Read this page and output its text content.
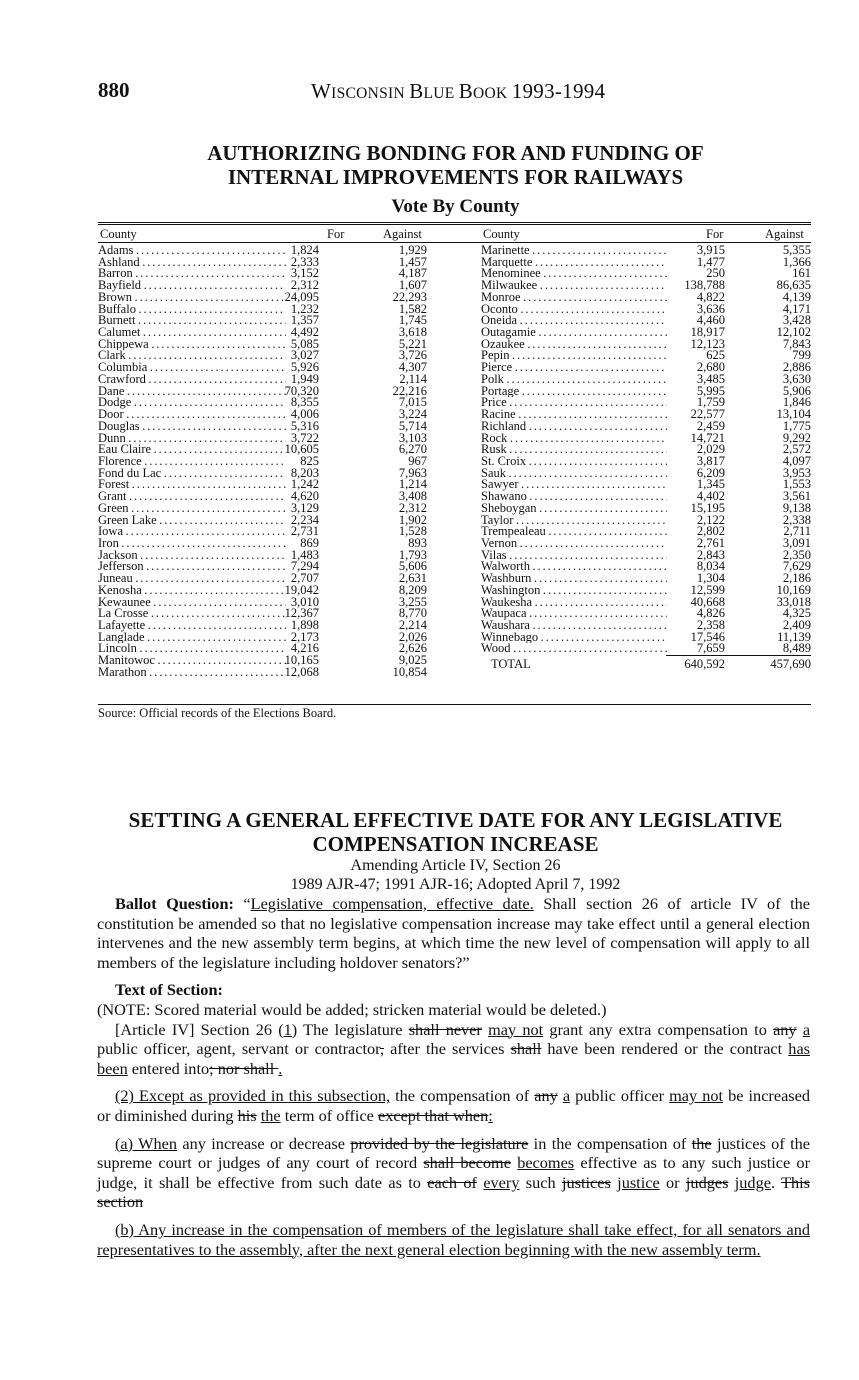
880	WISCONSIN BLUE BOOK 1993-1994
AUTHORIZING BONDING FOR AND FUNDING OF
INTERNAL IMPROVEMENTS FOR RAILWAYS
Vote By County
County	For	Against	County	For	Against
Adams . . .	1,824	1,929
Ashland . . .	2,333	1,457
Barron . . .	3,152	4,187
Bayfield . . .	2,312	1,607
Brown . . .	24,095	22,293
Buffalo . . .	1,232	1,582
Burnett . . .	1,357	1,745
Calumet . . .	4,492	3,618
Chippewa . . .	5,085	5,221
Clark . . .	3,027	3,726
Columbia . . .	5,926	4,307
Crawford . . .	1,949	2,114
Dane . . .	70,320	22,216
Dodge . . .	8,355	7,015
Door . . .	4,006	3,224
Douglas . . .	5,316	5,714
Dunn . . .	3,722	3,103
Eau Claire . . .	10,605	6,270
Florence . . .	825	967
Fond du Lac . . .	8,203	7,963
Forest . . .	1,242	1,214
Grant . . .	4,620	3,408
Green . . .	3,129	2,312
Green Lake . . .	2,234	1,902
Iowa . . .	2,731	1,528
Iron . . .	869	893
Jackson . . .	1,483	1,793
Jefferson . . .	7,294	5,606
Juneau . . .	2,707	2,631
Kenosha . . .	19,042	8,209
Kewaunee . . .	3,010	3,255
La Crosse . . .	12,367	8,770
Lafayette . . .	1,898	2,214
Langlade . . .	2,173	2,026
Lincoln . . .	4,216	2,626
Manitowoc . . .	10,165	9,025
Marathon . . .	12,068	10,854
Marinette . . .	3,915	5,355
Marquette . . .	1,477	1,366
Menominee . . .	250	161
Milwaukee . . .	138,788	86,635
Monroe . . .	4,822	4,139
Oconto . . .	3,636	4,171
Oneida . . .	4,460	3,428
Outagamie . . .	18,917	12,102
Ozaukee . . .	12,123	7,843
Pepin . . .	625	799
Pierce . . .	2,680	2,886
Polk . . .	3,485	3,630
Portage . . .	5,995	5,906
Price . . .	1,759	1,846
Racine . . .	22,577	13,104
Richland . . .	2,459	1,775
Rock . . .	14,721	9,292
Rusk . . .	2,029	2,572
St. Croix . . .	3,817	4,097
Sauk . . .	6,209	3,953
Sawyer . . .	1,345	1,553
Shawano . . .	4,402	3,561
Sheboygan . . .	15,195	9,138
Taylor . . .	2,122	2,338
Trempealeau . . .	2,802	2,711
Vernon . . .	2,761	3,091
Vilas . . .	2,843	2,350
Walworth . . .	8,034	7,629
Washburn . . .	1,304	2,186
Washington . . .	12,599	10,169
Waukesha . . .	40,668	33,018
Waupaca . . .	4,826	4,325
Waushara . . .	2,358	2,409
Winnebago . . .	17,546	11,139
Wood . . .	7,659	8,489
TOTAL	640,592	457,690
Source: Official records of the Elections Board.
SETTING A GENERAL EFFECTIVE DATE FOR ANY LEGISLATIVE
COMPENSATION INCREASE
Amending Article IV, Section 26
1989 AJR-47; 1991 AJR-16; Adopted April 7, 1992

Ballot Question: “Legislative compensation, effective date. Shall section 26 of article IV of the constitution be amended so that no legislative compensation increase may take effect until a general election intervenes and the new assembly term begins, at which time the new level of compensation will apply to all members of the legislature including holdover senators?”

Text of Section:

(NOTE: Scored material would be added; stricken material would be deleted.)

[Article IV] Section 26 (1) The legislature shall never may not grant any extra compensation to any a public officer, agent, servant or contractor, after the services shall have been rendered or the contract has been entered into; nor shall .

(2) Except as provided in this subsection, the compensation of any a public officer may not be increased or diminished during his the term of office except that when:

(a) When any increase or decrease provided by the legislature in the compensation of the justices of the supreme court or judges of any court of record shall become becomes effective as to any such justice or judge, it shall be effective from such date as to each of every such justices justice or judges judge. This section

(b) Any increase in the compensation of members of the legislature shall take effect, for all senators and representatives to the assembly, after the next general election beginning with the new assembly term.
